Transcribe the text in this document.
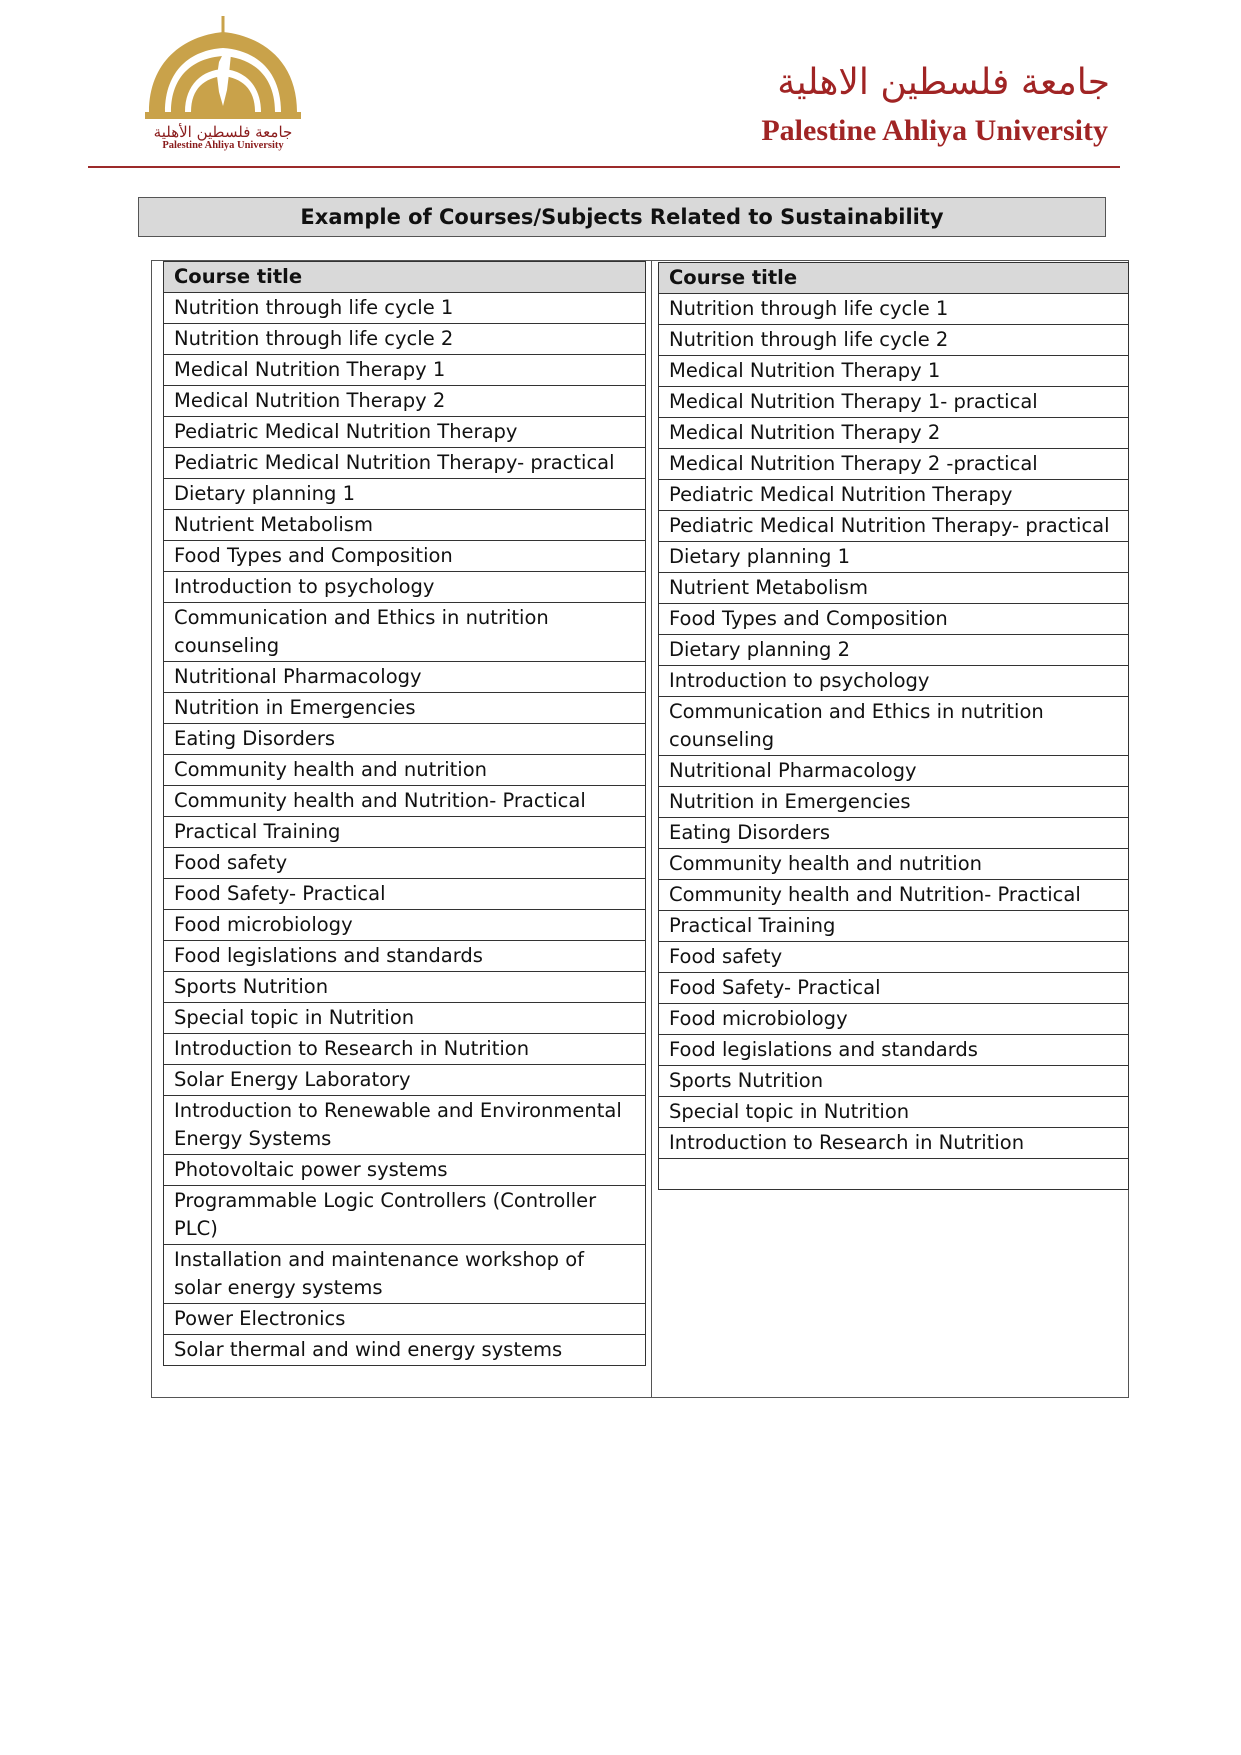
جامعة فلسطين الأهلية
Palestine Ahliya University
جامعة فلسطين الاهلية
Palestine Ahliya University
Example of Courses/Subjects Related to Sustainability
Course title
Nutrition through life cycle 1
Nutrition through life cycle 2
Medical Nutrition Therapy 1
Medical Nutrition Therapy 2
Pediatric Medical Nutrition Therapy
Pediatric Medical Nutrition Therapy- practical
Dietary planning 1
Nutrient Metabolism
Food Types and Composition
Introduction to psychology
Communication and Ethics in nutrition counseling
Nutritional Pharmacology
Nutrition in Emergencies
Eating Disorders
Community health and nutrition
Community health and Nutrition- Practical
Practical Training
Food safety
Food Safety- Practical
Food microbiology
Food legislations and standards
Sports Nutrition
Special topic in Nutrition
Introduction to Research in Nutrition
Solar Energy Laboratory
Introduction to Renewable and Environmental Energy Systems
Photovoltaic power systems
Programmable Logic Controllers (Controller PLC)
Installation and maintenance workshop of solar energy systems
Power Electronics
Solar thermal and wind energy systems
Course title
Nutrition through life cycle 1
Nutrition through life cycle 2
Medical Nutrition Therapy 1
Medical Nutrition Therapy 1- practical
Medical Nutrition Therapy 2
Medical Nutrition Therapy 2 -practical
Pediatric Medical Nutrition Therapy
Pediatric Medical Nutrition Therapy- practical
Dietary planning 1
Nutrient Metabolism
Food Types and Composition
Dietary planning 2
Introduction to psychology
Communication and Ethics in nutrition counseling
Nutritional Pharmacology
Nutrition in Emergencies
Eating Disorders
Community health and nutrition
Community health and Nutrition- Practical
Practical Training
Food safety
Food Safety- Practical
Food microbiology
Food legislations and standards
Sports Nutrition
Special topic in Nutrition
Introduction to Research in Nutrition
